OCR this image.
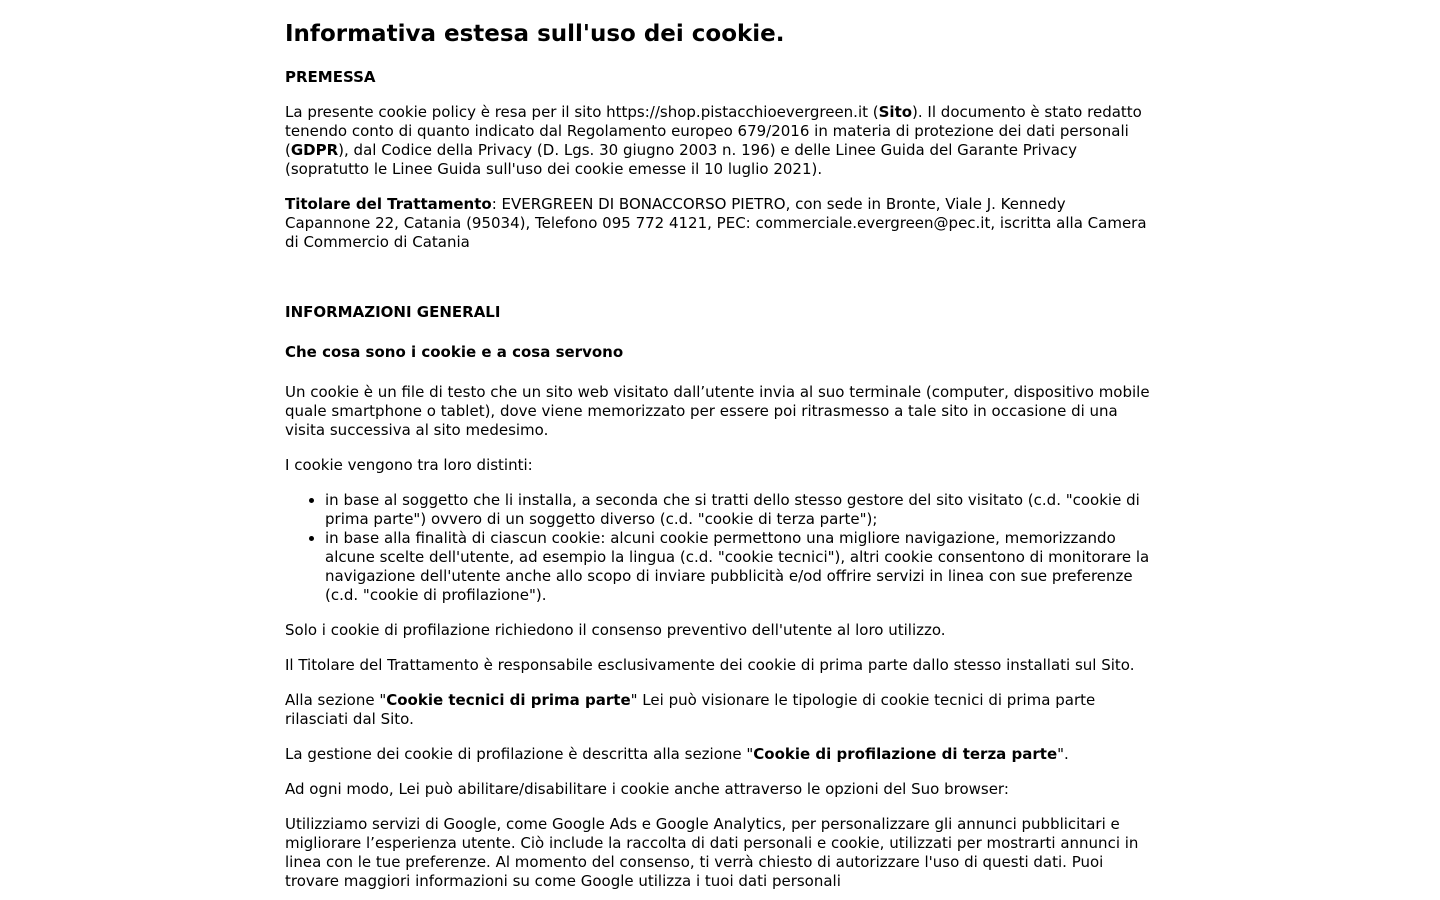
Informativa estesa sull'uso dei cookie.
PREMESSA

La presente cookie policy è resa per il sito https://shop.pistacchioevergreen.it (Sito). Il documento è stato redatto tenendo conto di quanto indicato dal Regolamento europeo 679/2016 in materia di protezione dei dati personali (GDPR), dal Codice della Privacy (D. Lgs. 30 giugno 2003 n. 196) e delle Linee Guida del Garante Privacy (sopratutto le Linee Guida sull'uso dei cookie emesse il 10 luglio 2021).

Titolare del Trattamento: EVERGREEN DI BONACCORSO PIETRO, con sede in Bronte, Viale J. Kennedy Capannone 22, Catania (95034), Telefono 095 772 4121, PEC: commerciale.evergreen@pec.it, iscritta alla Camera di Commercio di Catania

INFORMAZIONI GENERALI
Che cosa sono i cookie e a cosa servono

Un cookie è un file di testo che un sito web visitato dall’utente invia al suo terminale (computer, dispositivo mobile quale smartphone o tablet), dove viene memorizzato per essere poi ritrasmesso a tale sito in occasione di una visita successiva al sito medesimo.

I cookie vengono tra loro distinti:

• in base al soggetto che li installa, a seconda che si tratti dello stesso gestore del sito visitato (c.d. "cookie di prima parte") ovvero di un soggetto diverso (c.d. "cookie di terza parte");
• in base alla finalità di ciascun cookie: alcuni cookie permettono una migliore navigazione, memorizzando alcune scelte dell'utente, ad esempio la lingua (c.d. "cookie tecnici"), altri cookie consentono di monitorare la navigazione dell'utente anche allo scopo di inviare pubblicità e/od offrire servizi in linea con sue preferenze (c.d. "cookie di profilazione").

Solo i cookie di profilazione richiedono il consenso preventivo dell'utente al loro utilizzo.

Il Titolare del Trattamento è responsabile esclusivamente dei cookie di prima parte dallo stesso installati sul Sito.

Alla sezione "Cookie tecnici di prima parte" Lei può visionare le tipologie di cookie tecnici di prima parte rilasciati dal Sito.

La gestione dei cookie di profilazione è descritta alla sezione "Cookie di profilazione di terza parte".

Ad ogni modo, Lei può abilitare/disabilitare i cookie anche attraverso le opzioni del Suo browser:

Utilizziamo servizi di Google, come Google Ads e Google Analytics, per personalizzare gli annunci pubblicitari e migliorare l’esperienza utente. Ciò include la raccolta di dati personali e cookie, utilizzati per mostrarti annunci in linea con le tue preferenze. Al momento del consenso, ti verrà chiesto di autorizzare l'uso di questi dati. Puoi trovare maggiori informazioni su come Google utilizza i tuoi dati personali
